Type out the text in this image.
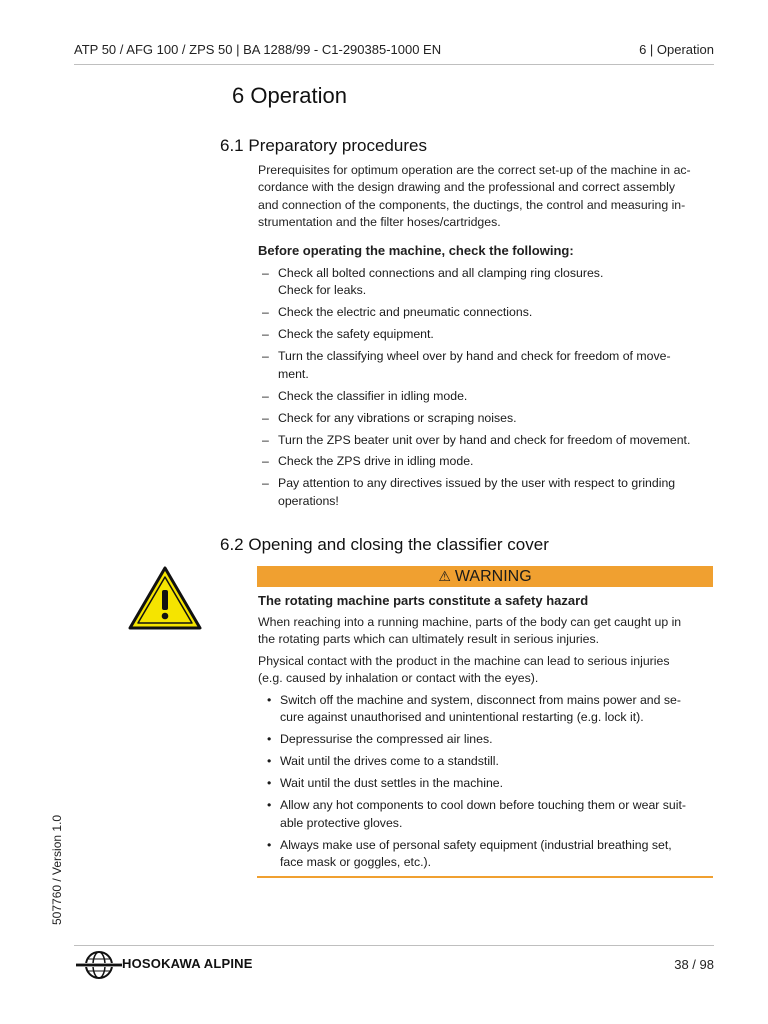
ATP 50 / AFG 100 / ZPS 50 | BA 1288/99 - C1-290385-1000 EN	6 | Operation
6 Operation
6.1 Preparatory procedures
Prerequisites for optimum operation are the correct set-up of the machine in ac-
cordance with the design drawing and the professional and correct assembly
and connection of the components, the ductings, the control and measuring in-
strumentation and the filter hoses/cartridges.
Before operating the machine, check the following:
– Check all bolted connections and all clamping ring closures.
Check for leaks.
– Check the electric and pneumatic connections.
– Check the safety equipment.
– Turn the classifying wheel over by hand and check for freedom of move-
ment.
– Check the classifier in idling mode.
– Check for any vibrations or scraping noises.
– Turn the ZPS beater unit over by hand and check for freedom of movement.
– Check the ZPS drive in idling mode.
– Pay attention to any directives issued by the user with respect to grinding
operations!
6.2 Opening and closing the classifier cover
⚠ WARNING
The rotating machine parts constitute a safety hazard
When reaching into a running machine, parts of the body can get caught up in
the rotating parts which can ultimately result in serious injuries.
Physical contact with the product in the machine can lead to serious injuries
(e.g. caused by inhalation or contact with the eyes).
• Switch off the machine and system, disconnect from mains power and se-
cure against unauthorised and unintentional restarting (e.g. lock it).
• Depressurise the compressed air lines.
• Wait until the drives come to a standstill.
• Wait until the dust settles in the machine.
• Allow any hot components to cool down before touching them or wear suit-
able protective gloves.
• Always make use of personal safety equipment (industrial breathing set,
face mask or goggles, etc.).
507760 / Version 1.0
HOSOKAWA ALPINE	38 / 98
